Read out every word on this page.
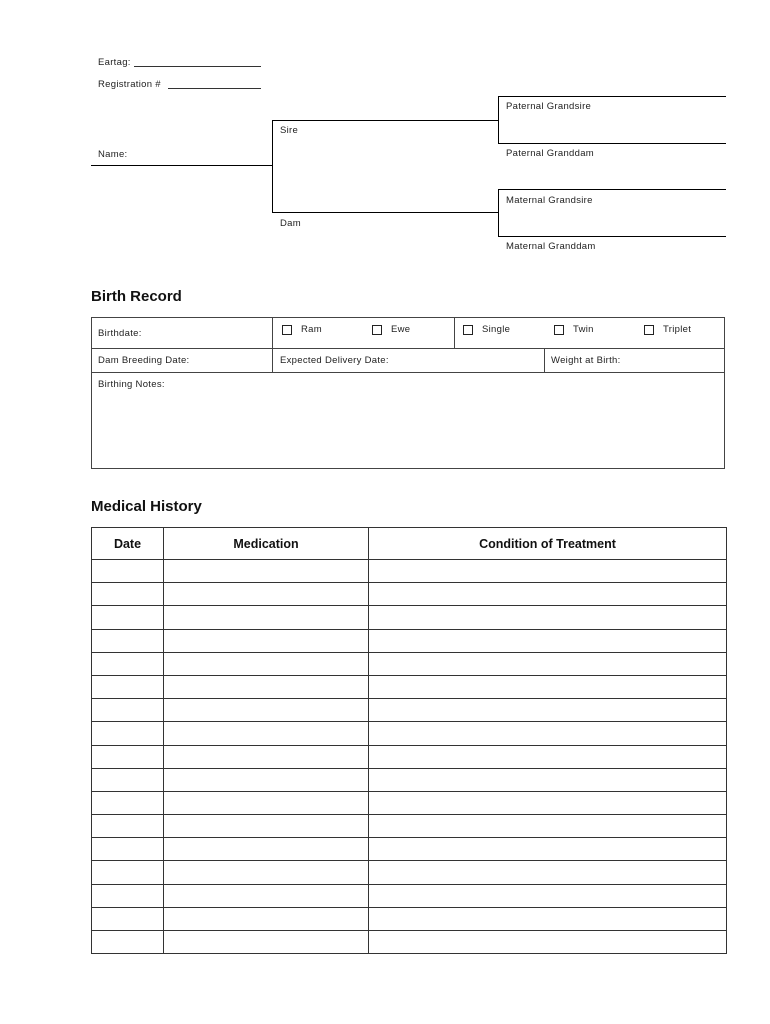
Eartag:
Registration #
Name:
Sire
Dam
Paternal Grandsire
Paternal Granddam
Maternal Grandsire
Maternal Granddam
Birth Record
Birthdate:	Ram	Ewe	Single	Twin	Triplet
Dam Breeding Date:	Expected Delivery Date:	Weight at Birth:
Birthing Notes:
Medical History
Date	Medication	Condition of Treatment
